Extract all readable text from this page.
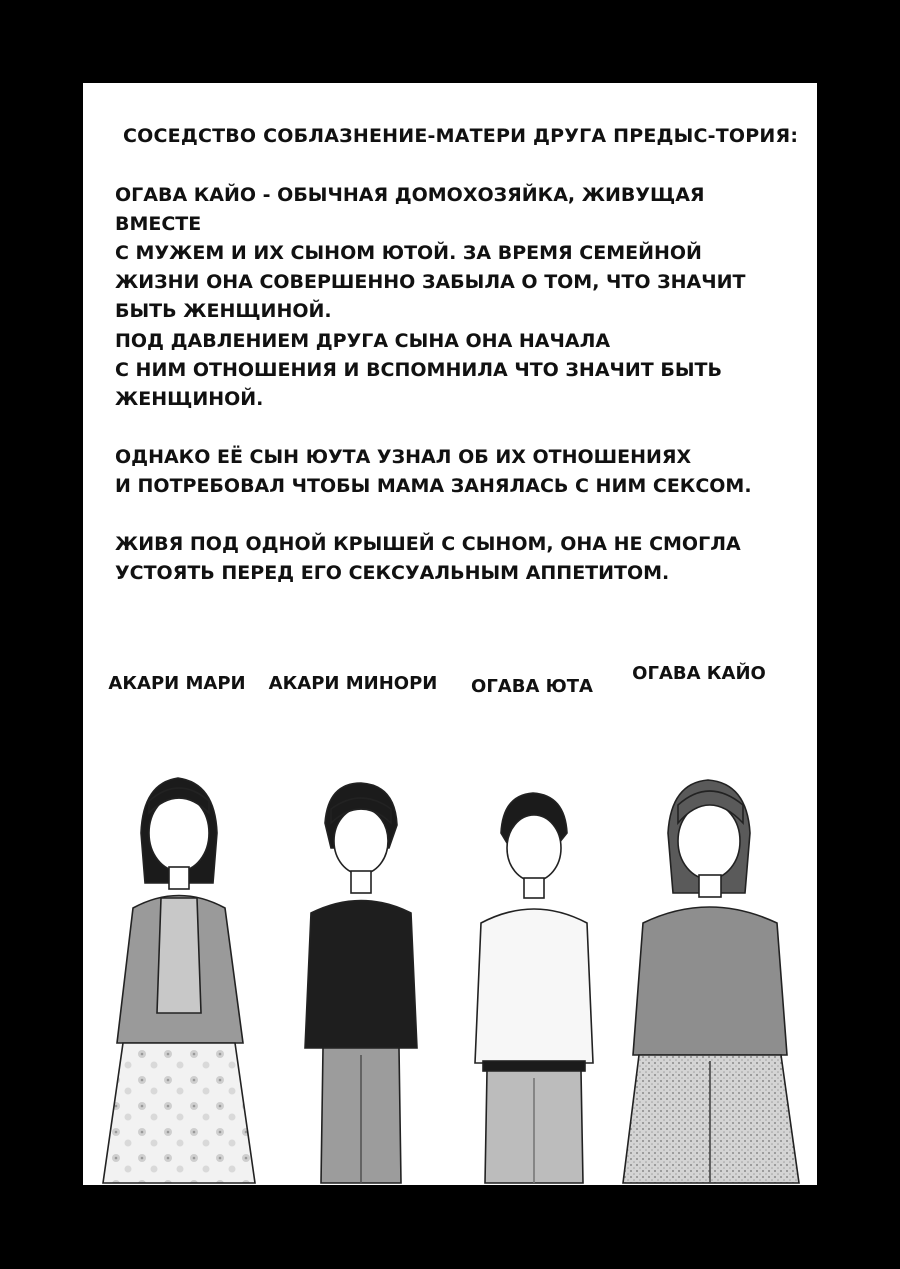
СОСЕДСТВО СОБЛАЗНЕНИЕ-МАТЕРИ ДРУГА ПРЕДЫС-ТОРИЯ:
ОГАВА КАЙО - ОБЫЧНАЯ ДОМОХОЗЯЙКА, ЖИВУЩАЯ ВМЕСТЕ
С МУЖЕМ И ИХ СЫНОМ ЮТОЙ. ЗА ВРЕМЯ СЕМЕЙНОЙ
ЖИЗНИ ОНА СОВЕРШЕННО ЗАБЫЛА О ТОМ, ЧТО ЗНАЧИТ
БЫТЬ ЖЕНЩИНОЙ.
ПОД ДАВЛЕНИЕМ ДРУГА СЫНА ОНА НАЧАЛА
С НИМ ОТНОШЕНИЯ И ВСПОМНИЛА ЧТО ЗНАЧИТ БЫТЬ
ЖЕНЩИНОЙ.
ОДНАКО ЕЁ СЫН ЮУТА УЗНАЛ ОБ ИХ ОТНОШЕНИЯХ
И ПОТРЕБОВАЛ ЧТОБЫ МАМА ЗАНЯЛАСЬ С НИМ СЕКСОМ.
ЖИВЯ ПОД ОДНОЙ КРЫШЕЙ С СЫНОМ, ОНА НЕ СМОГЛА
УСТОЯТЬ ПЕРЕД ЕГО СЕКСУАЛЬНЫМ АППЕТИТОМ.
АКАРИ МАРИ АКАРИ МИНОРИ ОГАВА ЮТА
ОГАВА КАЙО
